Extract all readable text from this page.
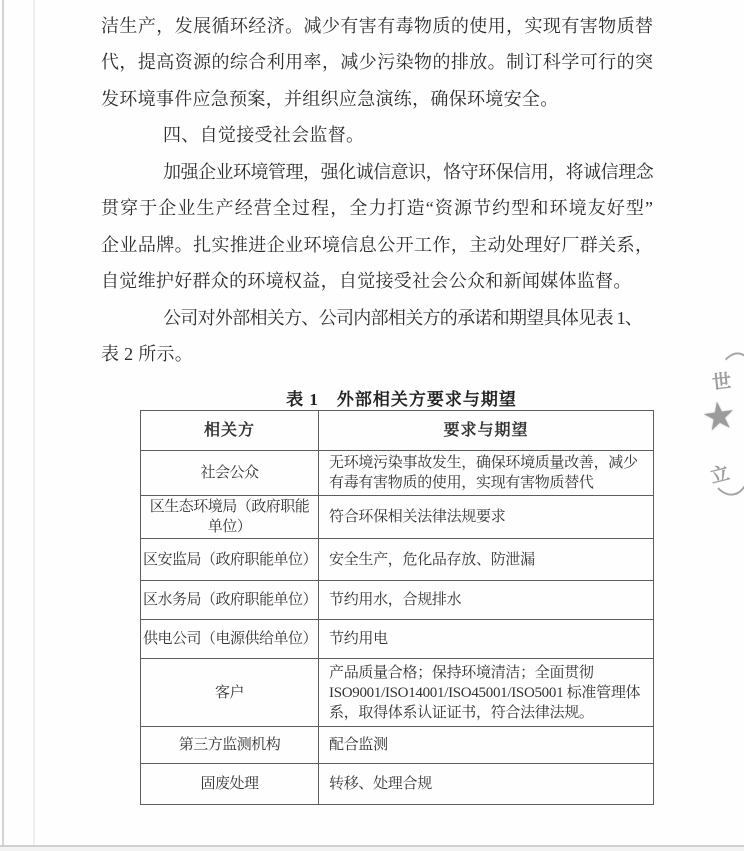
洁生产，发展循环经济。减少有害有毒物质的使用，实现有害物质替
代，提高资源的综合利用率，减少污染物的排放。制订科学可行的突
发环境事件应急预案，并组织应急演练，确保环境安全。
四、自觉接受社会监督。
加强企业环境管理，强化诚信意识，恪守环保信用，将诚信理念
贯穿于企业生产经营全过程，全力打造“资源节约型和环境友好型”
企业品牌。扎实推进企业环境信息公开工作，主动处理好厂群关系，
自觉维护好群众的环境权益，自觉接受社会公众和新闻媒体监督。
公司对外部相关方、公司内部相关方的承诺和期望具体见表 1、
表 2 所示。
表 1　外部相关方要求与期望
相关方	要求与期望
社会公众	无环境污染事故发生，确保环境质量改善，减少有毒有害物质的使用，实现有害物质替代
区生态环境局（政府职能单位）	符合环保相关法律法规要求
区安监局（政府职能单位）	安全生产，危化品存放、防泄漏
区水务局（政府职能单位）	节约用水，合规排水
供电公司（电源供给单位）	节约用电
客户	产品质量合格；保持环境清洁；全面贯彻 ISO9001/ISO14001/ISO45001/ISO5001 标准管理体系，取得体系认证证书，符合法律法规。
第三方监测机构	配合监测
固废处理	转移、处理合规
世
★
立
